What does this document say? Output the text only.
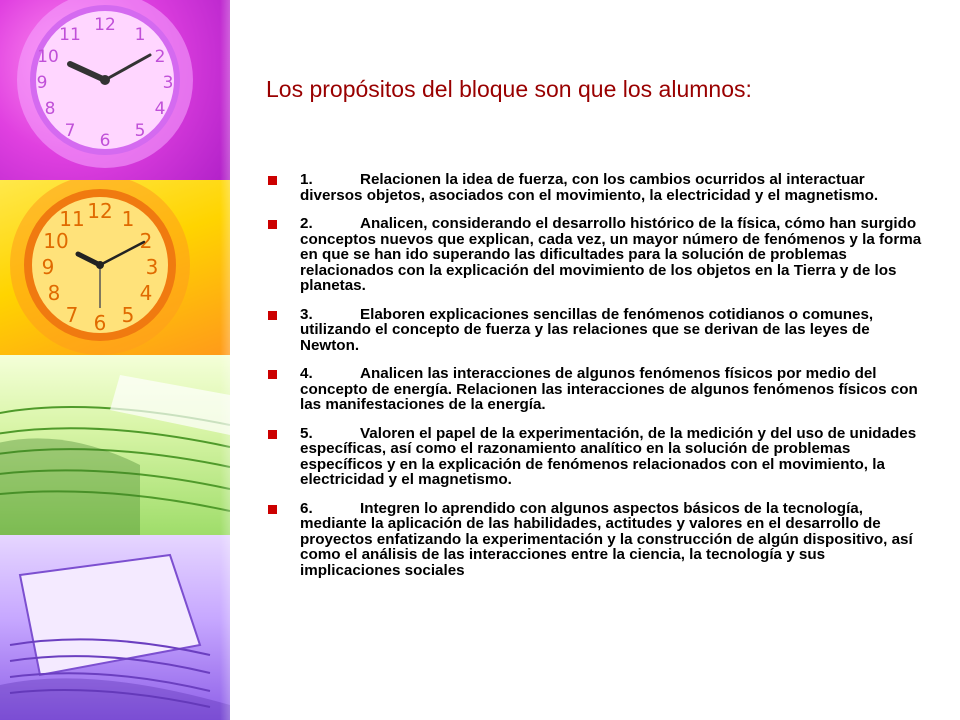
12 1
2
3
4
5
6
7
8
9
10
11
12 1
2
3
4
5
6
7
8
9
10
11
Los propósitos del bloque son que los alumnos:
1.	Relacionen la idea de fuerza, con los cambios ocurridos al interactuar diversos objetos, asociados con el movimiento, la electricidad y el magnetismo.
2.	Analicen, considerando el desarrollo histórico de la física, cómo han surgido conceptos nuevos que explican, cada vez, un mayor número de fenómenos y la forma en que se han ido superando las dificultades para la solución de problemas relacionados con la explicación del movimiento de los objetos en la Tierra y de los planetas.
3.	Elaboren explicaciones sencillas de fenómenos cotidianos o comunes, utilizando el concepto de fuerza y las relaciones que se derivan de las leyes de Newton.
4.	Analicen las interacciones de algunos fenómenos físicos por medio del concepto de energía. Relacionen las interacciones de algunos fenómenos físicos con las manifestaciones de la energía.
5.	Valoren el papel de la experimentación, de la medición y del uso de unidades específicas, así como el razonamiento analítico en la solución de problemas específicos y en la explicación de fenómenos relacionados con el movimiento, la electricidad y el magnetismo.
6.	Integren lo aprendido con algunos aspectos básicos de la tecnología, mediante la aplicación de las habilidades, actitudes y valores en el desarrollo de proyectos enfatizando la experimentación y la construcción de algún dispositivo, así como el análisis de las interacciones entre la ciencia, la tecnología y sus implicaciones sociales
